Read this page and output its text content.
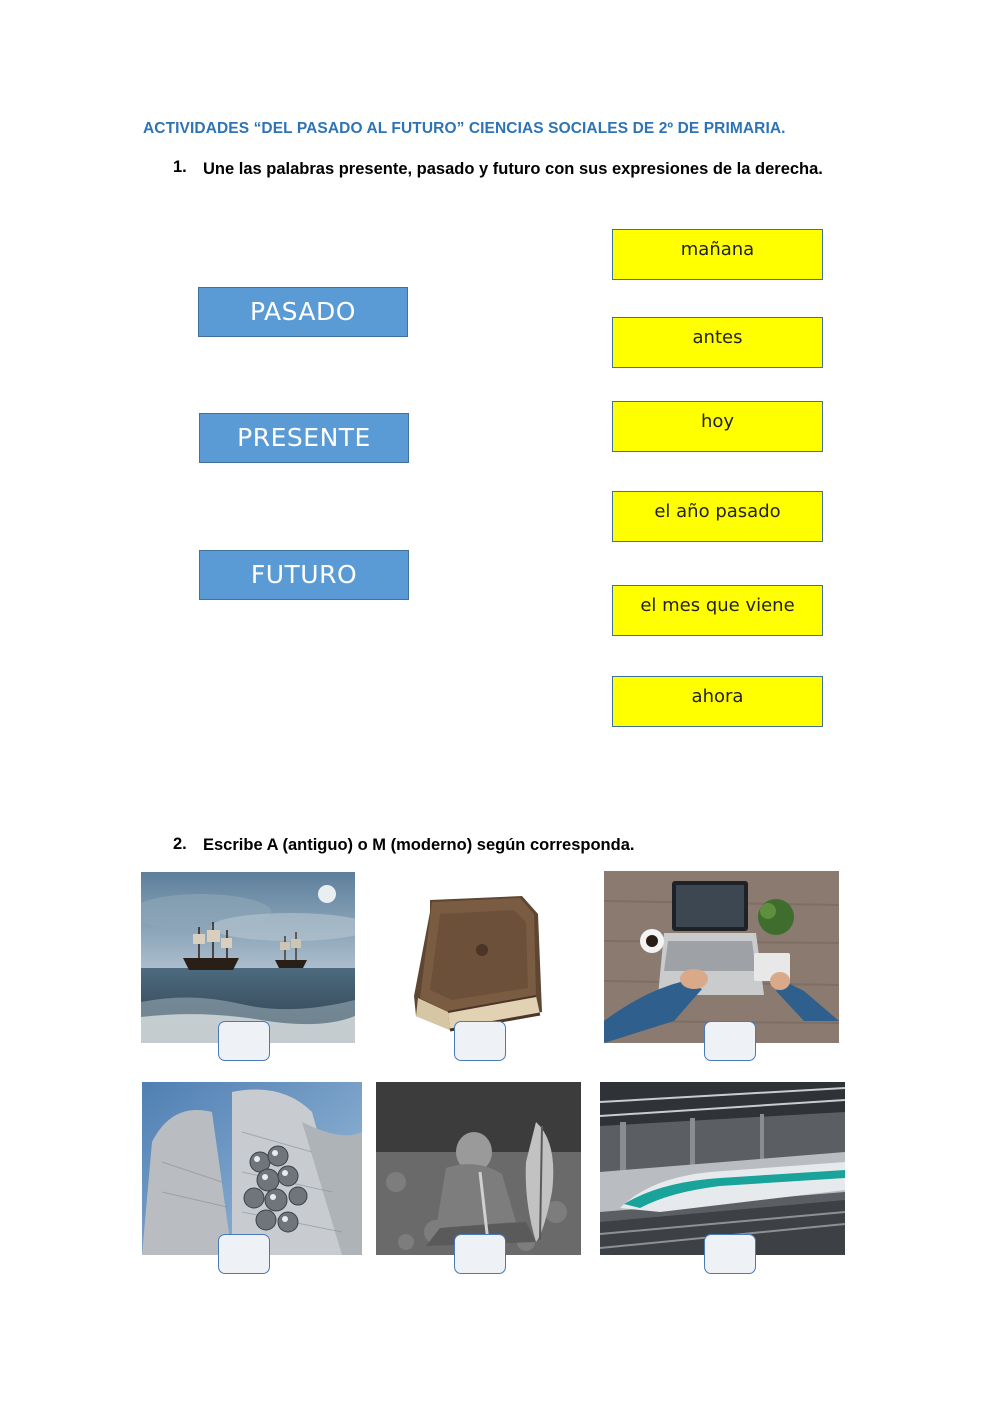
ACTIVIDADES “DEL PASADO AL FUTURO” CIENCIAS SOCIALES DE 2º DE PRIMARIA.
1. Une las palabras presente, pasado y futuro con sus expresiones de la derecha.
PASADO
PRESENTE
FUTURO
mañana
antes
hoy
el año pasado
el mes que viene
ahora
2. Escribe A (antiguo) o M (moderno) según corresponda.
